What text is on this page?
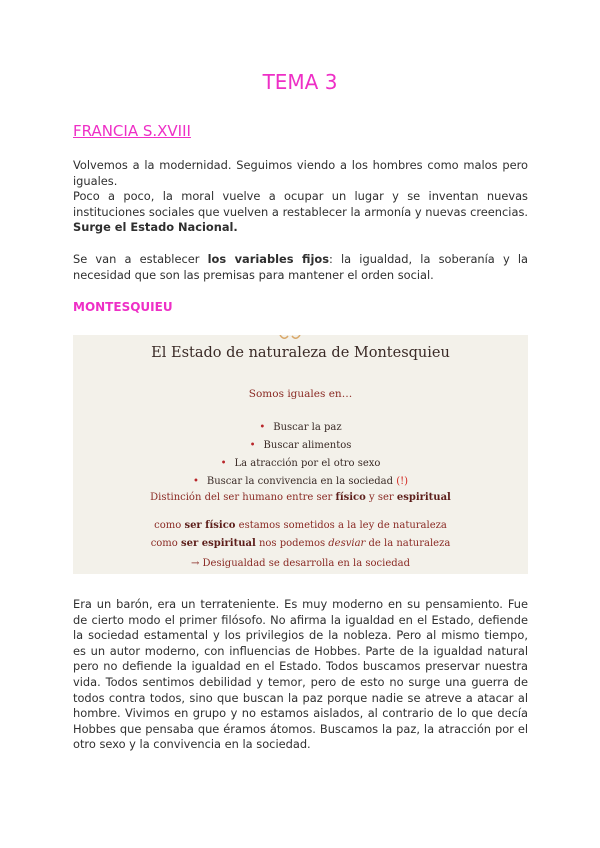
TEMA 3
FRANCIA S.XVIII

Volvemos a la modernidad. Seguimos viendo a los hombres como malos pero iguales.
Poco a poco, la moral vuelve a ocupar un lugar y se inventan nuevas instituciones sociales que vuelven a restablecer la armonía y nuevas creencias. Surge el Estado Nacional.

Se van a establecer los variables fijos: la igualdad, la soberanía y la necesidad que son las premisas para mantener el orden social.

MONTESQUIEU
El Estado de naturaleza de Montesquieu
Somos iguales en…
• Buscar la paz
• Buscar alimentos
• La atracción por el otro sexo
• Buscar la convivencia en la sociedad (!)
Distinción del ser humano entre ser físico y ser espiritual
como ser físico estamos sometidos a la ley de naturaleza
como ser espiritual nos podemos desviar de la naturaleza
→ Desigualdad se desarrolla en la sociedad

Era un barón, era un terrateniente. Es muy moderno en su pensamiento. Fue de cierto modo el primer filósofo. No afirma la igualdad en el Estado, defiende la sociedad estamental y los privilegios de la nobleza. Pero al mismo tiempo, es un autor moderno, con influencias de Hobbes. Parte de la igualdad natural pero no defiende la igualdad en el Estado. Todos buscamos preservar nuestra vida. Todos sentimos debilidad y temor, pero de esto no surge una guerra de todos contra todos, sino que buscan la paz porque nadie se atreve a atacar al hombre. Vivimos en grupo y no estamos aislados, al contrario de lo que decía Hobbes que pensaba que éramos átomos. Buscamos la paz, la atracción por el otro sexo y la convivencia en la sociedad.
